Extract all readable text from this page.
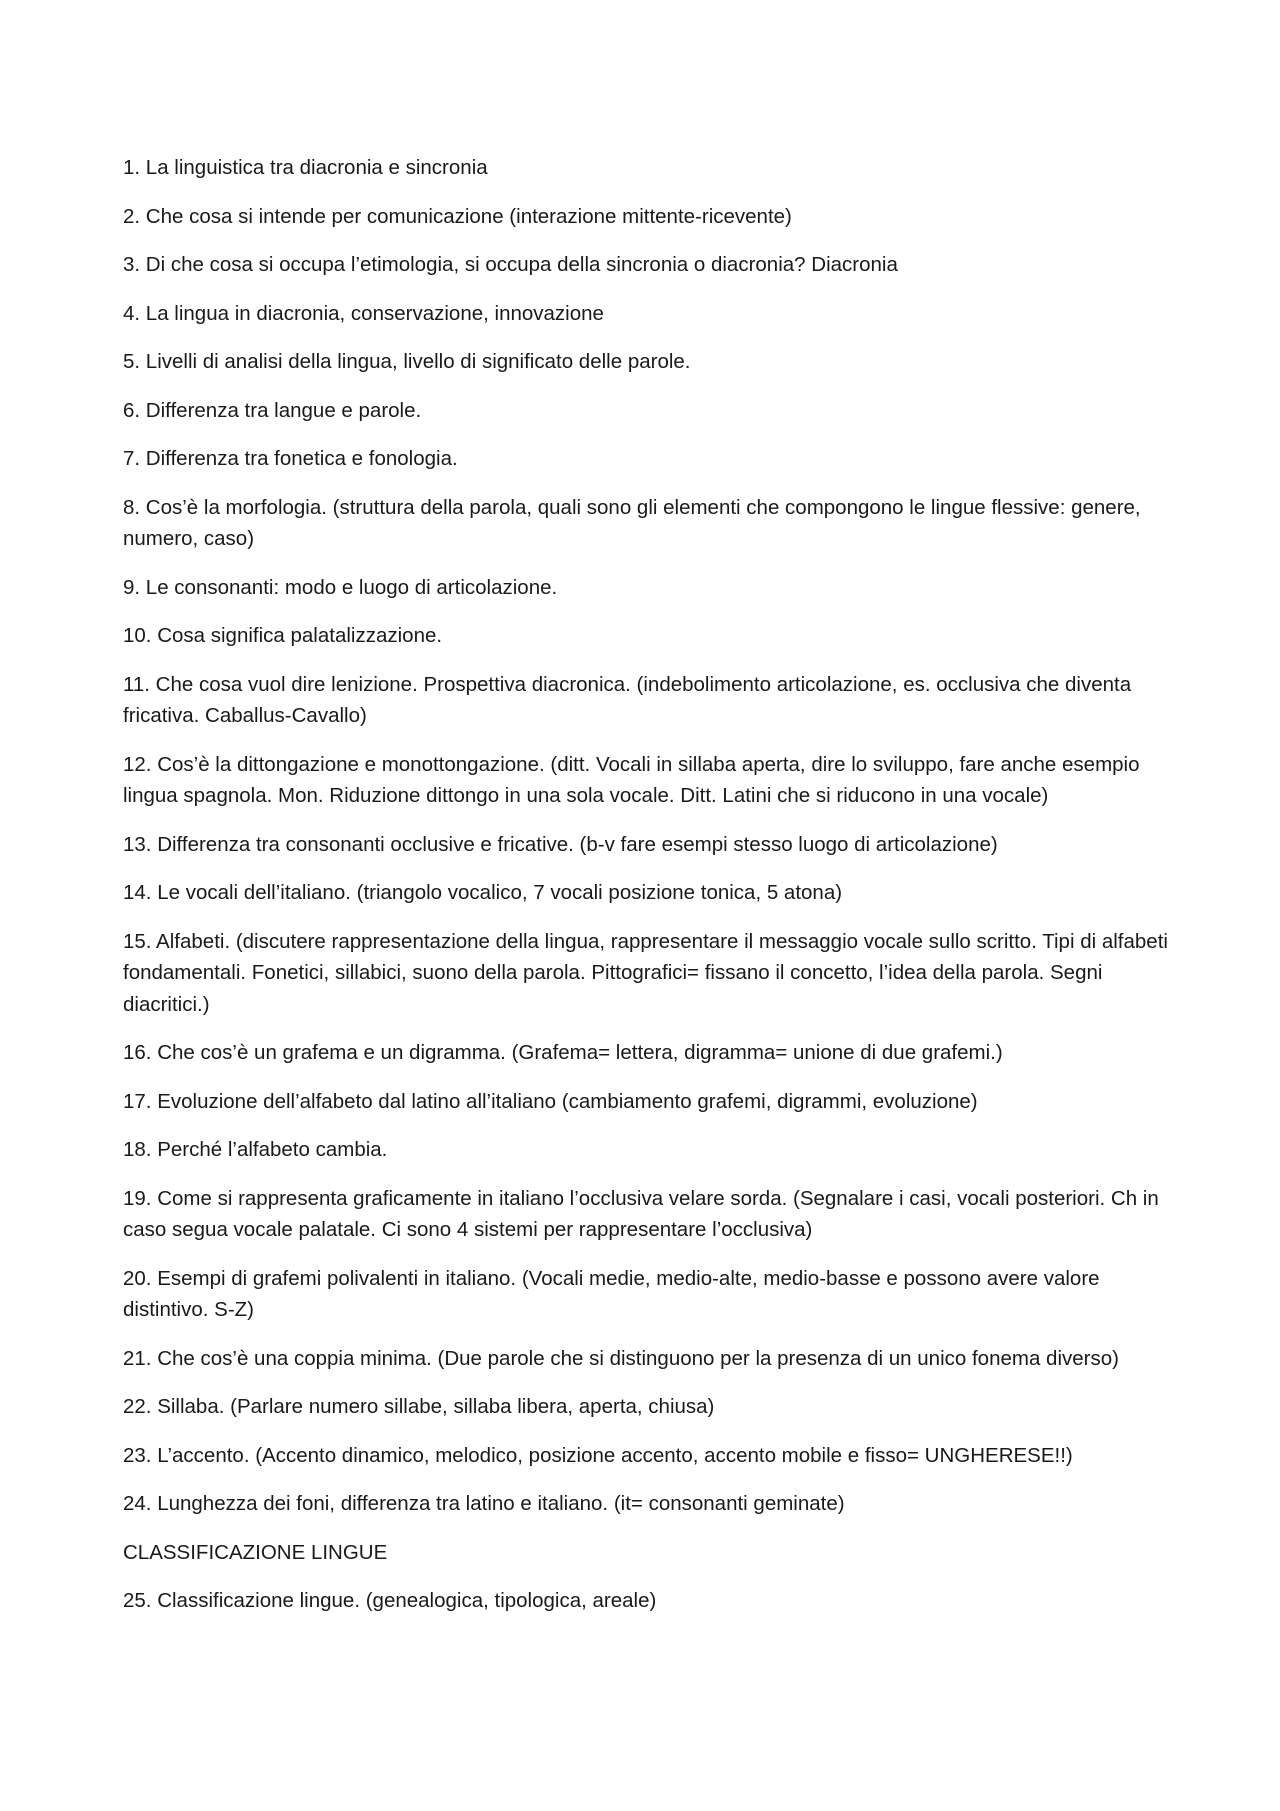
1. La linguistica tra diacronia e sincronia

2. Che cosa si intende per comunicazione (interazione mittente-ricevente)

3. Di che cosa si occupa l’etimologia, si occupa della sincronia o diacronia? Diacronia

4. La lingua in diacronia, conservazione, innovazione

5. Livelli di analisi della lingua, livello di significato delle parole.

6. Differenza tra langue e parole.

7. Differenza tra fonetica e fonologia.

8. Cos’è la morfologia. (struttura della parola, quali sono gli elementi che compongono le lingue flessive: genere, numero, caso)

9. Le consonanti: modo e luogo di articolazione.

10. Cosa significa palatalizzazione.

11. Che cosa vuol dire lenizione. Prospettiva diacronica. (indebolimento articolazione, es. occlusiva che diventa fricativa. Caballus-Cavallo)

12. Cos’è la dittongazione e monottongazione. (ditt. Vocali in sillaba aperta, dire lo sviluppo, fare anche esempio lingua spagnola. Mon. Riduzione dittongo in una sola vocale. Ditt. Latini che si riducono in una vocale)

13. Differenza tra consonanti occlusive e fricative. (b-v fare esempi stesso luogo di articolazione)

14. Le vocali dell’italiano. (triangolo vocalico, 7 vocali posizione tonica, 5 atona)

15. Alfabeti. (discutere rappresentazione della lingua, rappresentare il messaggio vocale sullo scritto. Tipi di alfabeti fondamentali. Fonetici, sillabici, suono della parola. Pittografici= fissano il concetto, l’idea della parola. Segni diacritici.)

16. Che cos’è un grafema e un digramma. (Grafema= lettera, digramma= unione di due grafemi.)

17. Evoluzione dell’alfabeto dal latino all’italiano (cambiamento grafemi, digrammi, evoluzione)

18. Perché l’alfabeto cambia.

19. Come si rappresenta graficamente in italiano l’occlusiva velare sorda. (Segnalare i casi, vocali posteriori. Ch in caso segua vocale palatale. Ci sono 4 sistemi per rappresentare l’occlusiva)

20. Esempi di grafemi polivalenti in italiano. (Vocali medie, medio-alte, medio-basse e possono avere valore distintivo. S-Z)

21. Che cos’è una coppia minima. (Due parole che si distinguono per la presenza di un unico fonema diverso)

22. Sillaba. (Parlare numero sillabe, sillaba libera, aperta, chiusa)

23. L’accento. (Accento dinamico, melodico, posizione accento, accento mobile e fisso= UNGHERESE!!)

24. Lunghezza dei foni, differenza tra latino e italiano. (it= consonanti geminate)

CLASSIFICAZIONE LINGUE

25. Classificazione lingue. (genealogica, tipologica, areale)
